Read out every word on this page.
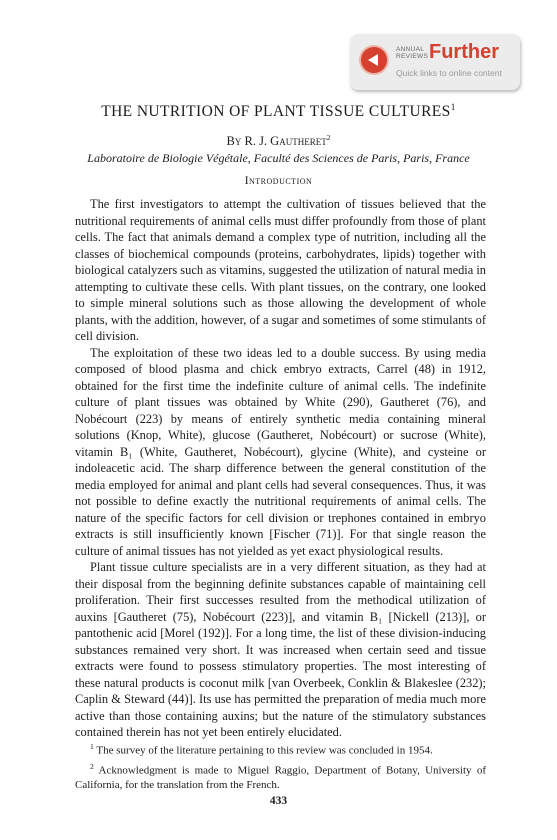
ANNUAL
REVIEWS Further
Quick links to online content
THE NUTRITION OF PLANT TISSUE CULTURES$^1$
By R. J. Gautheret$^2$
Laboratoire de Biologie Végétale, Faculté des Sciences de Paris, Paris, France
Introduction

The first investigators to attempt the cultivation of tissues believed that the nutritional requirements of animal cells must differ profoundly from those of plant cells. The fact that animals demand a complex type of nutrition, including all the classes of biochemical compounds (proteins, carbohydrates, lipids) together with biological catalyzers such as vitamins, suggested the utilization of natural media in attempting to cultivate these cells. With plant tissues, on the contrary, one looked to simple mineral solutions such as those allowing the development of whole plants, with the addition, however, of a sugar and sometimes of some stimulants of cell division.

The exploitation of these two ideas led to a double success. By using media composed of blood plasma and chick embryo extracts, Carrel (48) in 1912, obtained for the first time the indefinite culture of animal cells. The indefinite culture of plant tissues was obtained by White (290), Gautheret (76), and Nobécourt (223) by means of entirely synthetic media containing mineral solutions (Knop, White), glucose (Gautheret, Nobécourt) or sucrose (White), vitamin B₁ (White, Gautheret, Nobécourt), glycine (White), and cysteine or indoleacetic acid. The sharp difference between the general constitution of the media employed for animal and plant cells had several consequences. Thus, it was not possible to define exactly the nutritional requirements of animal cells. The nature of the specific factors for cell division or trephones contained in embryo extracts is still insufficiently known [Fischer (71)]. For that single reason the culture of animal tissues has not yielded as yet exact physiological results.

Plant tissue culture specialists are in a very different situation, as they had at their disposal from the beginning definite substances capable of maintaining cell proliferation. Their first successes resulted from the methodical utilization of auxins [Gautheret (75), Nobécourt (223)], and vitamin B₁ [Nickell (213)], or pantothenic acid [Morel (192)]. For a long time, the list of these division-inducing substances remained very short. It was increased when certain seed and tissue extracts were found to possess stimulatory properties. The most interesting of these natural products is coconut milk [van Overbeek, Conklin & Blakeslee (232); Caplin & Steward (44)]. Its use has permitted the preparation of media much more active than those containing auxins; but the nature of the stimulatory substances contained therein has not yet been entirely elucidated.

$^1$ The survey of the literature pertaining to this review was concluded in 1954.

$^2$ Acknowledgment is made to Miguel Raggio, Department of Botany, University of California, for the translation from the French.

433
